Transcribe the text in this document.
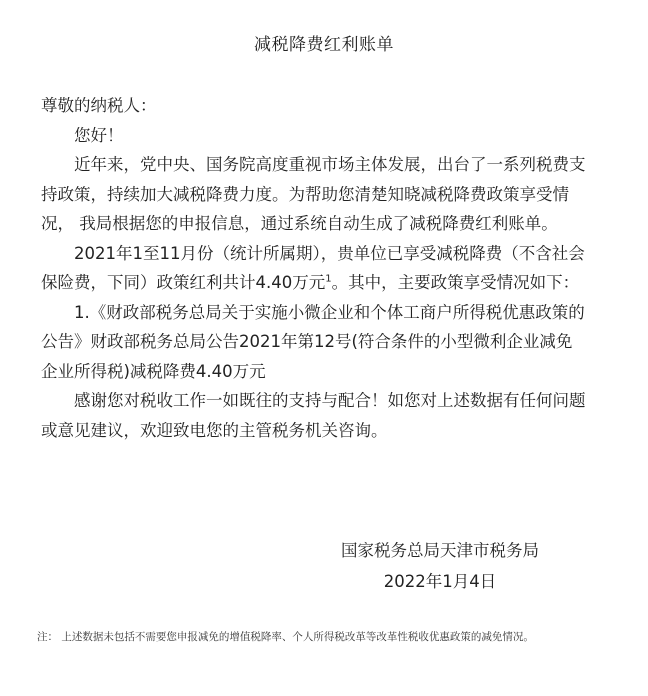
减税降费红利账单

尊敬的纳税人：

您好！

近年来，党中央、国务院高度重视市场主体发展，出台了一系列税费支持政策，持续加大减税降费力度。为帮助您清楚知晓减税降费政策享受情况， 我局根据您的申报信息，通过系统自动生成了减税降费红利账单。

2021年1至11月份（统计所属期），贵单位已享受减税降费（不含社会保险费，下同）政策红利共计4.40万元$^1$。其中，主要政策享受情况如下：

1.《财政部税务总局关于实施小微企业和个体工商户所得税优惠政策的公告》财政部税务总局公告2021年第12号(符合条件的小型微利企业减免企业所得税)减税降费4.40万元

感谢您对税收工作一如既往的支持与配合！如您对上述数据有任何问题或意见建议，欢迎致电您的主管税务机关咨询。

国家税务总局天津市税务局
2022年1月4日
注： 上述数据未包括不需要您申报减免的增值税降率、个人所得税改革等改革性税收优惠政策的减免情况。
